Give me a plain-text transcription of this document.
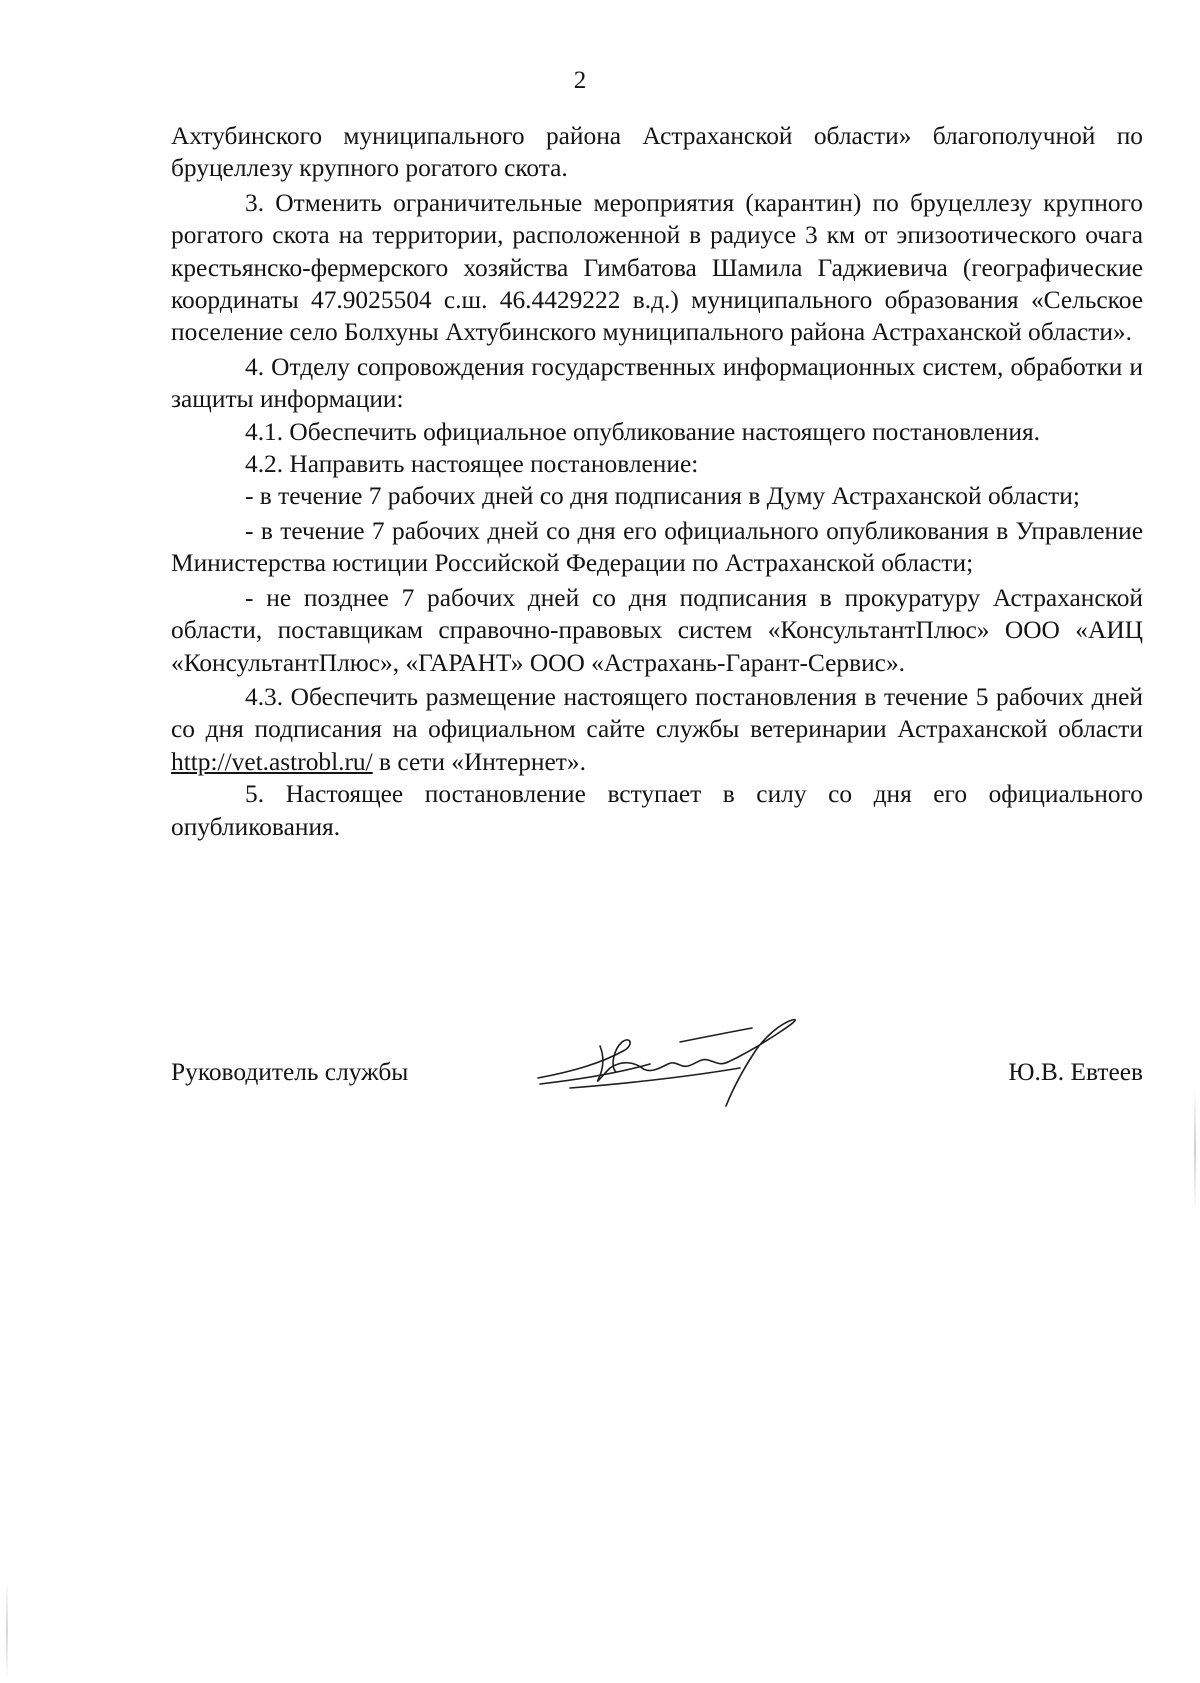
2

Ахтубинского муниципального района Астраханской области» благополучной по бруцеллезу крупного рогатого скота.

3. Отменить ограничительные мероприятия (карантин) по бруцеллезу крупного рогатого скота на территории, расположенной в радиусе 3 км от эпизоотического очага крестьянско-фермерского хозяйства Гимбатова Шамила Гаджиевича (географические координаты 47.9025504 с.ш. 46.4429222 в.д.) муниципального образования «Сельское поселение село Болхуны Ахтубинского муниципального района Астраханской области».

4. Отделу сопровождения государственных информационных систем, обработки и защиты информации:

4.1. Обеспечить официальное опубликование настоящего постановления.

4.2. Направить настоящее постановление:

- в течение 7 рабочих дней со дня подписания в Думу Астраханской области;

- в течение 7 рабочих дней со дня его официального опубликования в Управление Министерства юстиции Российской Федерации по Астраханской области;

- не позднее 7 рабочих дней со дня подписания в прокуратуру Астраханской области, поставщикам справочно-правовых систем «КонсультантПлюс» ООО «АИЦ «КонсультантПлюс», «ГАРАНТ» ООО «Астрахань-Гарант-Сервис».

4.3. Обеспечить размещение настоящего постановления в течение 5 рабочих дней со дня подписания на официальном сайте службы ветеринарии Астраханской области http://vet.astrobl.ru/ в сети «Интернет».

5. Настоящее постановление вступает в силу со дня его официального опубликования.

Руководитель службы	Ю.В. Евтеев
